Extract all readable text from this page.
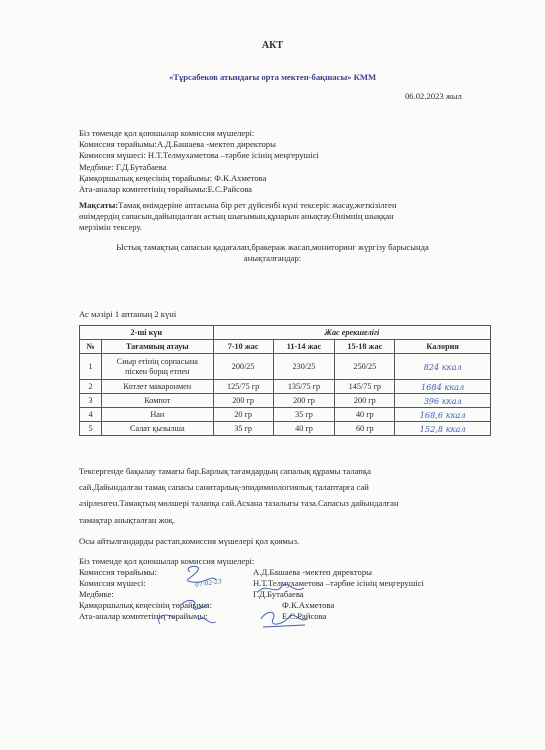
АКТ
«Тұрсабеков атындағы орта мектеп-бақшасы» КММ
06.02.2023 жыл
Біз төменде қол қоюшылар комиссия мүшелері:
Комиссия төрайымы:А.Д.Башаева -мектеп директоры
Комиссия мүшесі: Н.Т.Телмухаметова –тәрбие ісінің меңгерушісі
Медбике: Г.Д.Бутабаева
Қамқоршылық кеңесінің төрайымы: Ф.К.Ахметова
Ата-аналар комитетінің төрайымы:Е.С.Райсова
Мақсаты:Тамақ өнімдеріне аптасына бір рет дүйсенбі күні тексеріс жасау,жеткізілген
өнімдердің сапасын,дайындалған астың шығымын,құнарын анықтау.Өнімнің шыққан
мерзімін тексеру.
Ыстық тамақтың сапасын қадағалап,бракераж жасап,мониторинг жүргізу барысында
анықталғандар:
Ас мәзірі 1 аптаның 2 күні
2-ші күн		Жас ерекшелігі			
№	Тағамның атауы	7-10 жас	11-14 жас	15-18 жас	Калория
1	Сиыр етінің сорпасына
піскен борщ етпен	200/25	230/25	250/25	824 ккал
2	Котлет макаронмен	125/75 гр	135/75 гр	145/75 гр	1684 ккал
3	Компот	200 гр	200 гр	200 гр	396 ккал
4	Нан	20 гр	35 гр	40 гр	168,6 ккал
5	Салат қызылша	35 гр	40 гр	60 гр	152,8 ккал
Тексергенде бақылау тамағы бар.Барлық тағамдардың сапалық құрамы талапқа
сай.Дайындалған тамақ сапасы санитарлық-эпидимиологиялық талаптарға сай
әзірленген.Тамақтың мөлшері талапқа сай.Асхана тазалығы таза.Сапасыз дайындалған
тамақтар анықталған жоқ.
Осы айтылғандарды растап,комиссия мүшелері қол қоямыз.
Біз төменде қол қоюшылар комиссия мүшелері:
Комиссия төрайымы:	А.Д.Башаева -мектеп директоры
Комиссия мүшесі:	Н.Т.Телмухаметова –тәрбие ісінің меңгерушісі
Медбике:	Г.Д.Бутабаева
Қамқоршылық кеңесінің төрайымы:	Ф.К.Ахметова
Ата-аналар комитетінің төрайымы:	Е.С.Райсова
07-02-23
